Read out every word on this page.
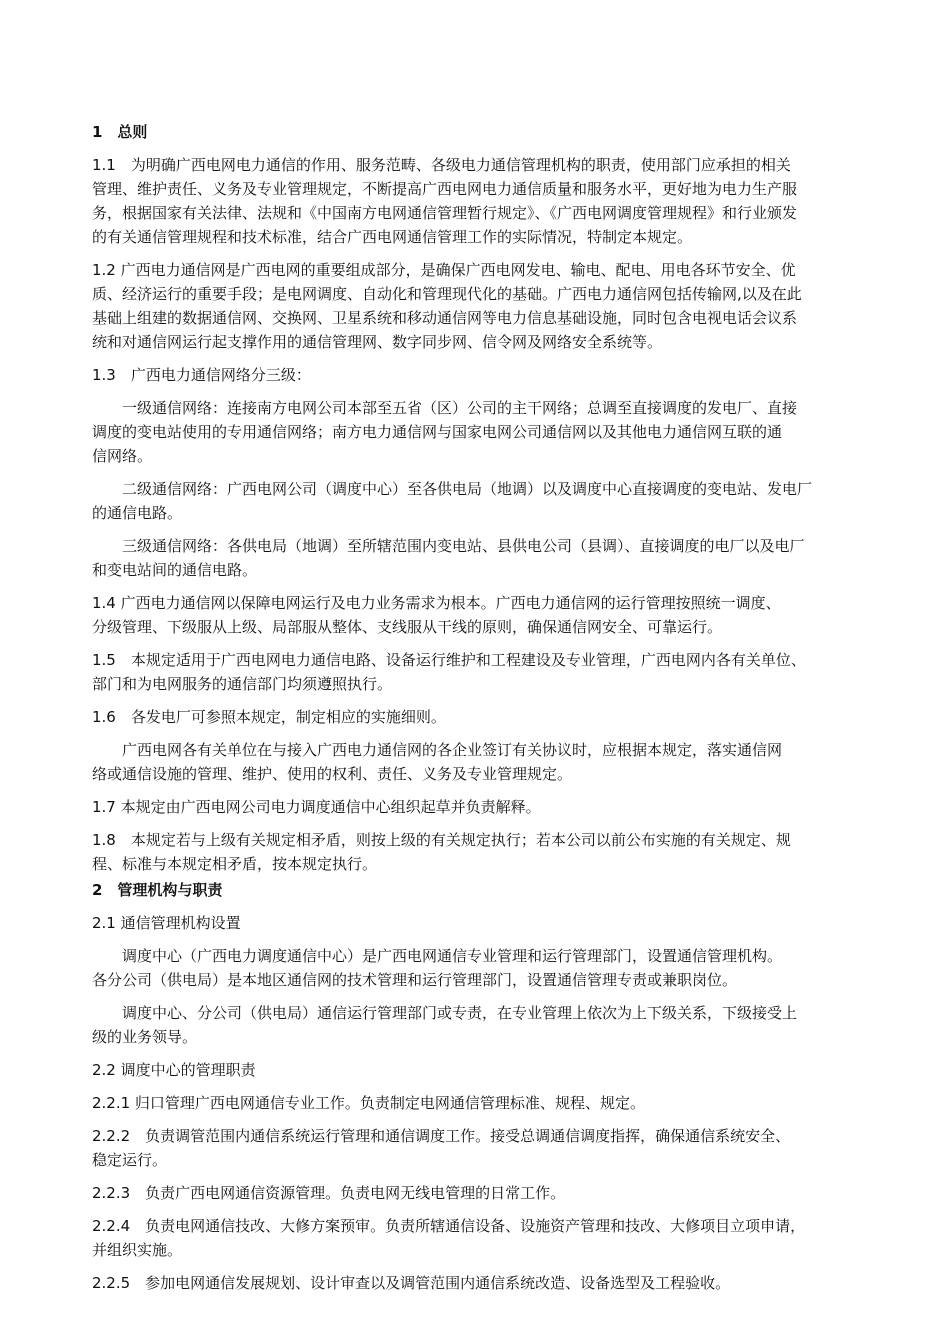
1　总则
1.1　为明确广西电网电力通信的作用、服务范畴、各级电力通信管理机构的职责，使用部门应承担的相关
管理、维护责任、义务及专业管理规定，不断提高广西电网电力通信质量和服务水平，更好地为电力生产服
务，根据国家有关法律、法规和《中国南方电网通信管理暂行规定》、《广西电网调度管理规程》和行业颁发
的有关通信管理规程和技术标准，结合广西电网通信管理工作的实际情况，特制定本规定。
1.2 广西电力通信网是广西电网的重要组成部分，是确保广西电网发电、输电、配电、用电各环节安全、优
质、经济运行的重要手段；是电网调度、自动化和管理现代化的基础。广西电力通信网包括传输网,以及在此
基础上组建的数据通信网、交换网、卫星系统和移动通信网等电力信息基础设施，同时包含电视电话会议系
统和对通信网运行起支撑作用的通信管理网、数字同步网、信令网及网络安全系统等。
1.3　广西电力通信网络分三级：
　　一级通信网络：连接南方电网公司本部至五省（区）公司的主干网络；总调至直接调度的发电厂、直接
调度的变电站使用的专用通信网络；南方电力通信网与国家电网公司通信网以及其他电力通信网互联的通
信网络。
　　二级通信网络：广西电网公司（调度中心）至各供电局（地调）以及调度中心直接调度的变电站、发电厂
的通信电路。
　　三级通信网络：各供电局（地调）至所辖范围内变电站、县供电公司（县调）、直接调度的电厂以及电厂
和变电站间的通信电路。
1.4 广西电力通信网以保障电网运行及电力业务需求为根本。广西电力通信网的运行管理按照统一调度、
分级管理、下级服从上级、局部服从整体、支线服从干线的原则，确保通信网安全、可靠运行。
1.5　本规定适用于广西电网电力通信电路、设备运行维护和工程建设及专业管理，广西电网内各有关单位、
部门和为电网服务的通信部门均须遵照执行。
1.6　各发电厂可参照本规定，制定相应的实施细则。
　　广西电网各有关单位在与接入广西电力通信网的各企业签订有关协议时，应根据本规定，落实通信网
络或通信设施的管理、维护、使用的权利、责任、义务及专业管理规定。
1.7 本规定由广西电网公司电力调度通信中心组织起草并负责解释。
1.8　本规定若与上级有关规定相矛盾，则按上级的有关规定执行；若本公司以前公布实施的有关规定、规
程、标准与本规定相矛盾，按本规定执行。
2　管理机构与职责
2.1 通信管理机构设置
　　调度中心（广西电力调度通信中心）是广西电网通信专业管理和运行管理部门，设置通信管理机构。
各分公司（供电局）是本地区通信网的技术管理和运行管理部门，设置通信管理专责或兼职岗位。
　　调度中心、分公司（供电局）通信运行管理部门或专责，在专业管理上依次为上下级关系，下级接受上
级的业务领导。
2.2 调度中心的管理职责
2.2.1 归口管理广西电网通信专业工作。负责制定电网通信管理标准、规程、规定。
2.2.2　负责调管范围内通信系统运行管理和通信调度工作。接受总调通信调度指挥，确保通信系统安全、
稳定运行。
2.2.3　负责广西电网通信资源管理。负责电网无线电管理的日常工作。
2.2.4　负责电网通信技改、大修方案预审。负责所辖通信设备、设施资产管理和技改、大修项目立项申请，
并组织实施。
2.2.5　参加电网通信发展规划、设计审查以及调管范围内通信系统改造、设备选型及工程验收。
